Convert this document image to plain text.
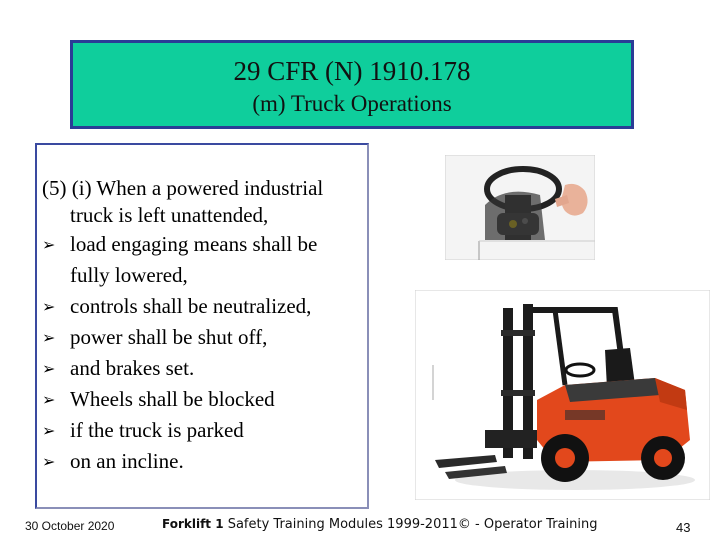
29 CFR (N) 1910.178
(m) Truck Operations
(5) (i) When a powered industrial truck is left unattended,
➢ load engaging means shall be fully lowered,
➢ controls shall be neutralized,
➢ power shall be shut off,
➢ and brakes set.
➢ Wheels shall be blocked
➢ if the truck is parked
➢ on an incline.
30 October 2020	Forklift 1 Safety Training Modules 1999-2011© - Operator Training	43
